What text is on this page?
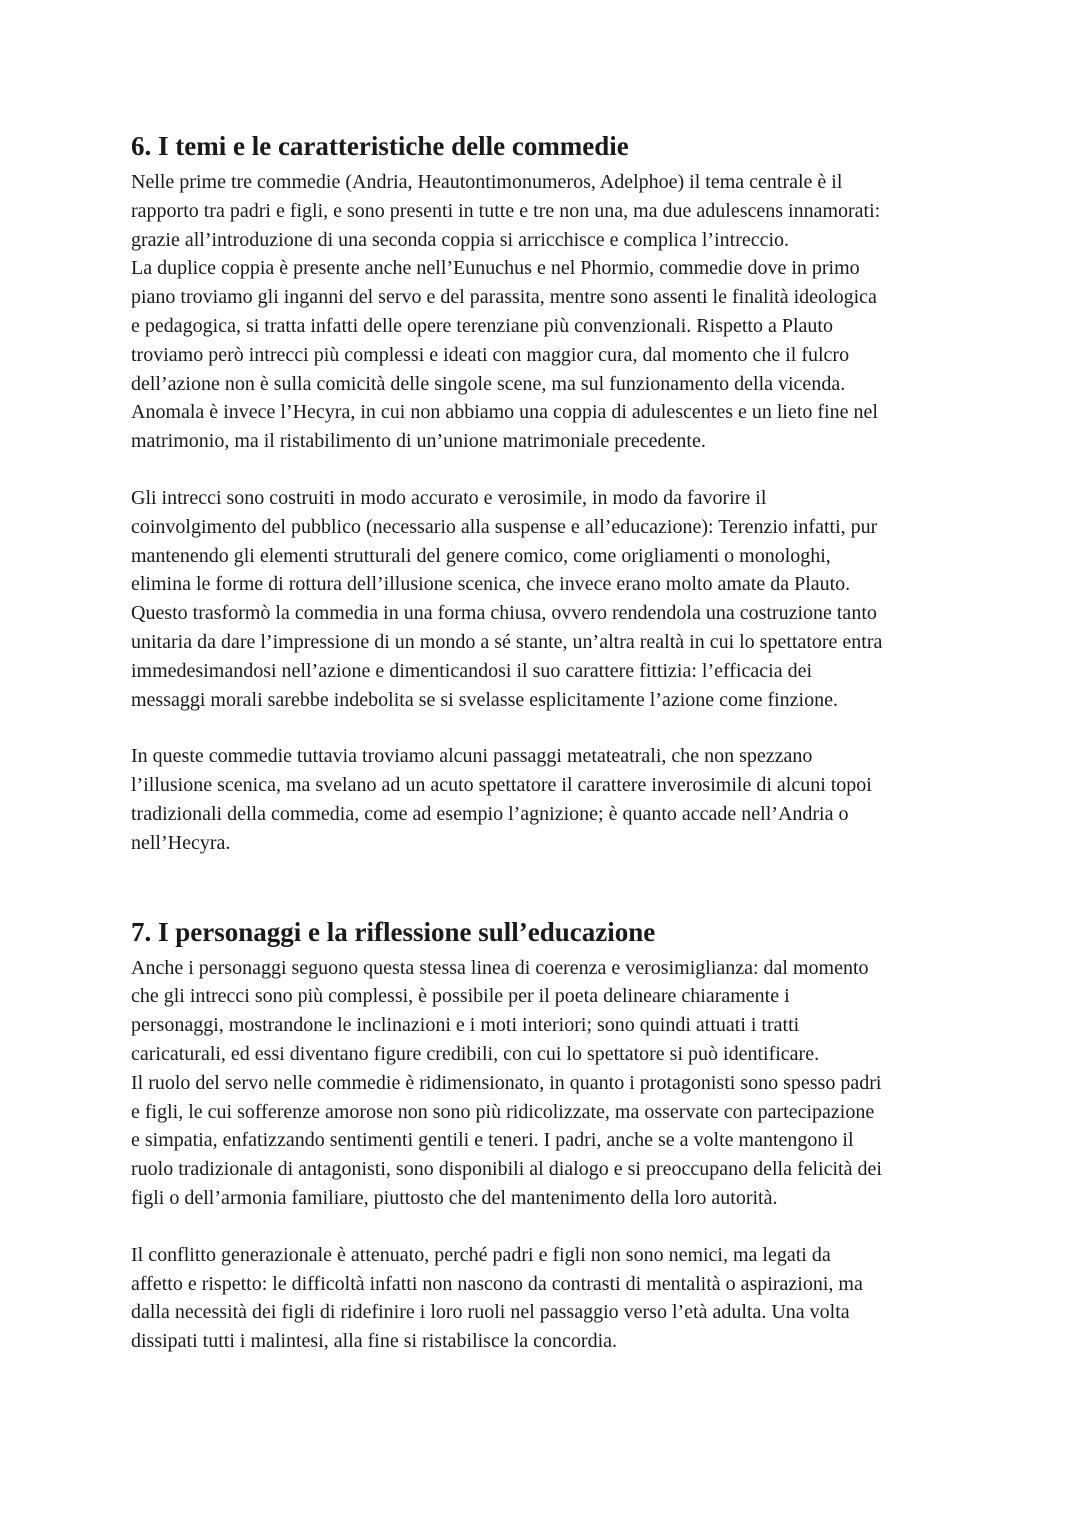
6. I temi e le caratteristiche delle commedie
Nelle prime tre commedie (Andria, Heautontimonumeros, Adelphoe) il tema centrale è il
rapporto tra padri e figli, e sono presenti in tutte e tre non una, ma due adulescens innamorati:
grazie all’introduzione di una seconda coppia si arricchisce e complica l’intreccio.
La duplice coppia è presente anche nell’Eunuchus e nel Phormio, commedie dove in primo
piano troviamo gli inganni del servo e del parassita, mentre sono assenti le finalità ideologica
e pedagogica, si tratta infatti delle opere terenziane più convenzionali. Rispetto a Plauto
troviamo però intrecci più complessi e ideati con maggior cura, dal momento che il fulcro
dell’azione non è sulla comicità delle singole scene, ma sul funzionamento della vicenda.
Anomala è invece l’Hecyra, in cui non abbiamo una coppia di adulescentes e un lieto fine nel
matrimonio, ma il ristabilimento di un’unione matrimoniale precedente.
Gli intrecci sono costruiti in modo accurato e verosimile, in modo da favorire il
coinvolgimento del pubblico (necessario alla suspense e all’educazione): Terenzio infatti, pur
mantenendo gli elementi strutturali del genere comico, come origliamenti o monologhi,
elimina le forme di rottura dell’illusione scenica, che invece erano molto amate da Plauto.
Questo trasformò la commedia in una forma chiusa, ovvero rendendola una costruzione tanto
unitaria da dare l’impressione di un mondo a sé stante, un’altra realtà in cui lo spettatore entra
immedesimandosi nell’azione e dimenticandosi il suo carattere fittizia: l’efficacia dei
messaggi morali sarebbe indebolita se si svelasse esplicitamente l’azione come finzione.
In queste commedie tuttavia troviamo alcuni passaggi metateatrali, che non spezzano
l’illusione scenica, ma svelano ad un acuto spettatore il carattere inverosimile di alcuni topoi
tradizionali della commedia, come ad esempio l’agnizione; è quanto accade nell’Andria o
nell’Hecyra.
7. I personaggi e la riflessione sull’educazione
Anche i personaggi seguono questa stessa linea di coerenza e verosimiglianza: dal momento
che gli intrecci sono più complessi, è possibile per il poeta delineare chiaramente i
personaggi, mostrandone le inclinazioni e i moti interiori; sono quindi attuati i tratti
caricaturali, ed essi diventano figure credibili, con cui lo spettatore si può identificare.
Il ruolo del servo nelle commedie è ridimensionato, in quanto i protagonisti sono spesso padri
e figli, le cui sofferenze amorose non sono più ridicolizzate, ma osservate con partecipazione
e simpatia, enfatizzando sentimenti gentili e teneri. I padri, anche se a volte mantengono il
ruolo tradizionale di antagonisti, sono disponibili al dialogo e si preoccupano della felicità dei
figli o dell’armonia familiare, piuttosto che del mantenimento della loro autorità.
Il conflitto generazionale è attenuato, perché padri e figli non sono nemici, ma legati da
affetto e rispetto: le difficoltà infatti non nascono da contrasti di mentalità o aspirazioni, ma
dalla necessità dei figli di ridefinire i loro ruoli nel passaggio verso l’età adulta. Una volta
dissipati tutti i malintesi, alla fine si ristabilisce la concordia.
